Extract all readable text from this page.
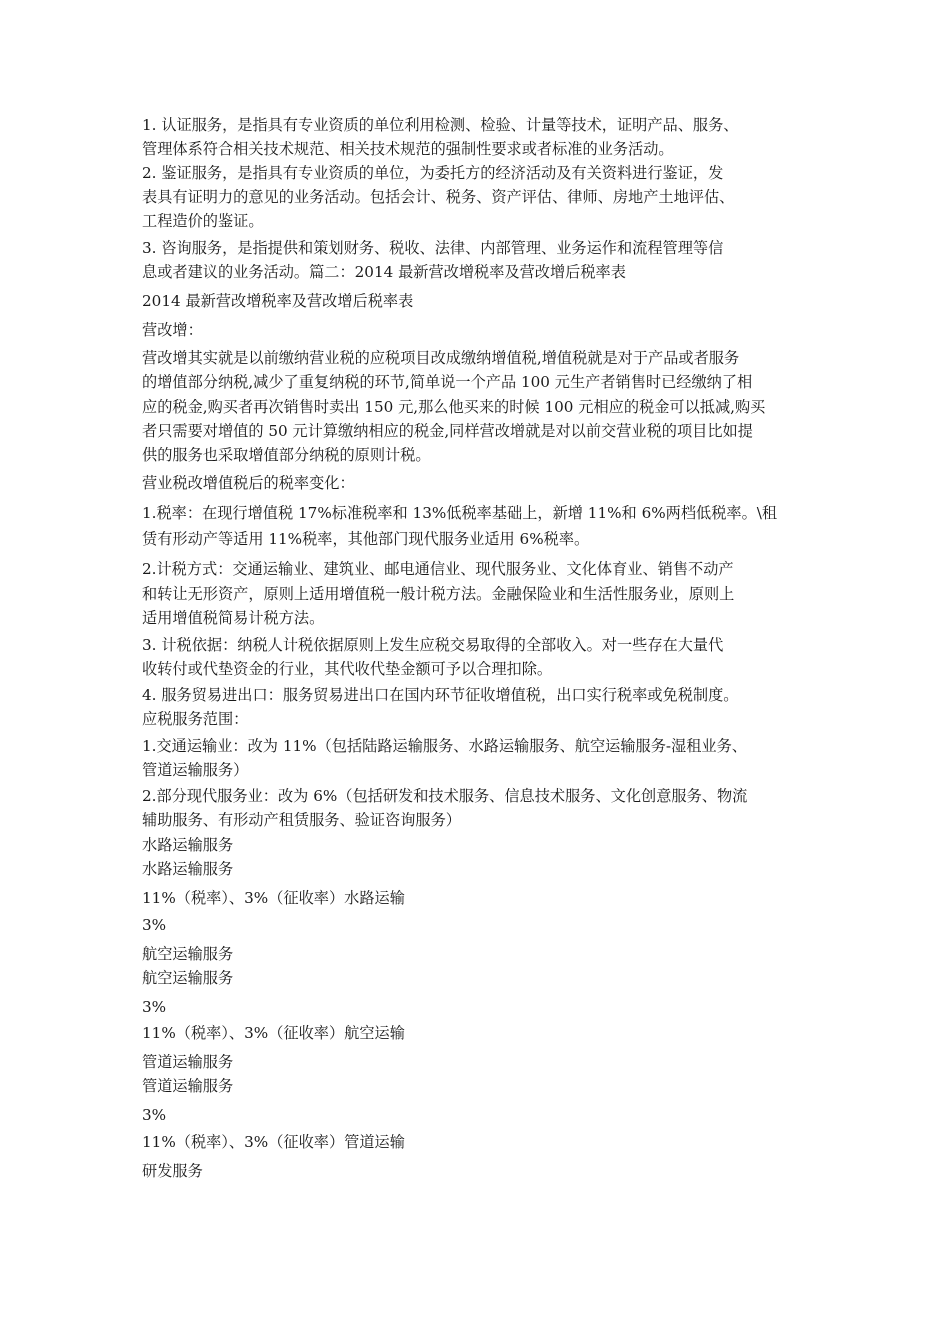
1. 认证服务，是指具有专业资质的单位利用检测、检验、计量等技术，证明产品、服务、
管理体系符合相关技术规范、相关技术规范的强制性要求或者标准的业务活动。
2. 鉴证服务，是指具有专业资质的单位，为委托方的经济活动及有关资料进行鉴证，发
表具有证明力的意见的业务活动。包括会计、税务、资产评估、律师、房地产土地评估、
工程造价的鉴证。
3. 咨询服务，是指提供和策划财务、税收、法律、内部管理、业务运作和流程管理等信
息或者建议的业务活动。篇二：2014 最新营改增税率及营改增后税率表
2014 最新营改增税率及营改增后税率表
营改增：
营改增其实就是以前缴纳营业税的应税项目改成缴纳增值税,增值税就是对于产品或者服务
的增值部分纳税,减少了重复纳税的环节,简单说一个产品 100 元生产者销售时已经缴纳了相
应的税金,购买者再次销售时卖出 150 元,那么他买来的时候 100 元相应的税金可以抵减,购买
者只需要对增值的 50 元计算缴纳相应的税金,同样营改增就是对以前交营业税的项目比如提
供的服务也采取增值部分纳税的原则计税。
营业税改增值税后的税率变化：
1.税率：在现行增值税 17%标准税率和 13%低税率基础上，新增 11%和 6%两档低税率。\租
赁有形动产等适用 11%税率，其他部门现代服务业适用 6%税率。
2.计税方式：交通运输业、建筑业、邮电通信业、现代服务业、文化体育业、销售不动产
和转让无形资产，原则上适用增值税一般计税方法。金融保险业和生活性服务业，原则上
适用增值税简易计税方法。
3. 计税依据：纳税人计税依据原则上发生应税交易取得的全部收入。对一些存在大量代
收转付或代垫资金的行业，其代收代垫金额可予以合理扣除。
4. 服务贸易进出口：服务贸易进出口在国内环节征收增值税，出口实行税率或免税制度。
应税服务范围：
1.交通运输业：改为 11%（包括陆路运输服务、水路运输服务、航空运输服务-湿租业务、
管道运输服务）
2.部分现代服务业：改为 6%（包括研发和技术服务、信息技术服务、文化创意服务、物流
辅助服务、有形动产租赁服务、验证咨询服务）
水路运输服务
水路运输服务
11%（税率）、3%（征收率）水路运输
3%
航空运输服务
航空运输服务
3%
11%（税率）、3%（征收率）航空运输
管道运输服务
管道运输服务
3%
11%（税率）、3%（征收率）管道运输
研发服务
